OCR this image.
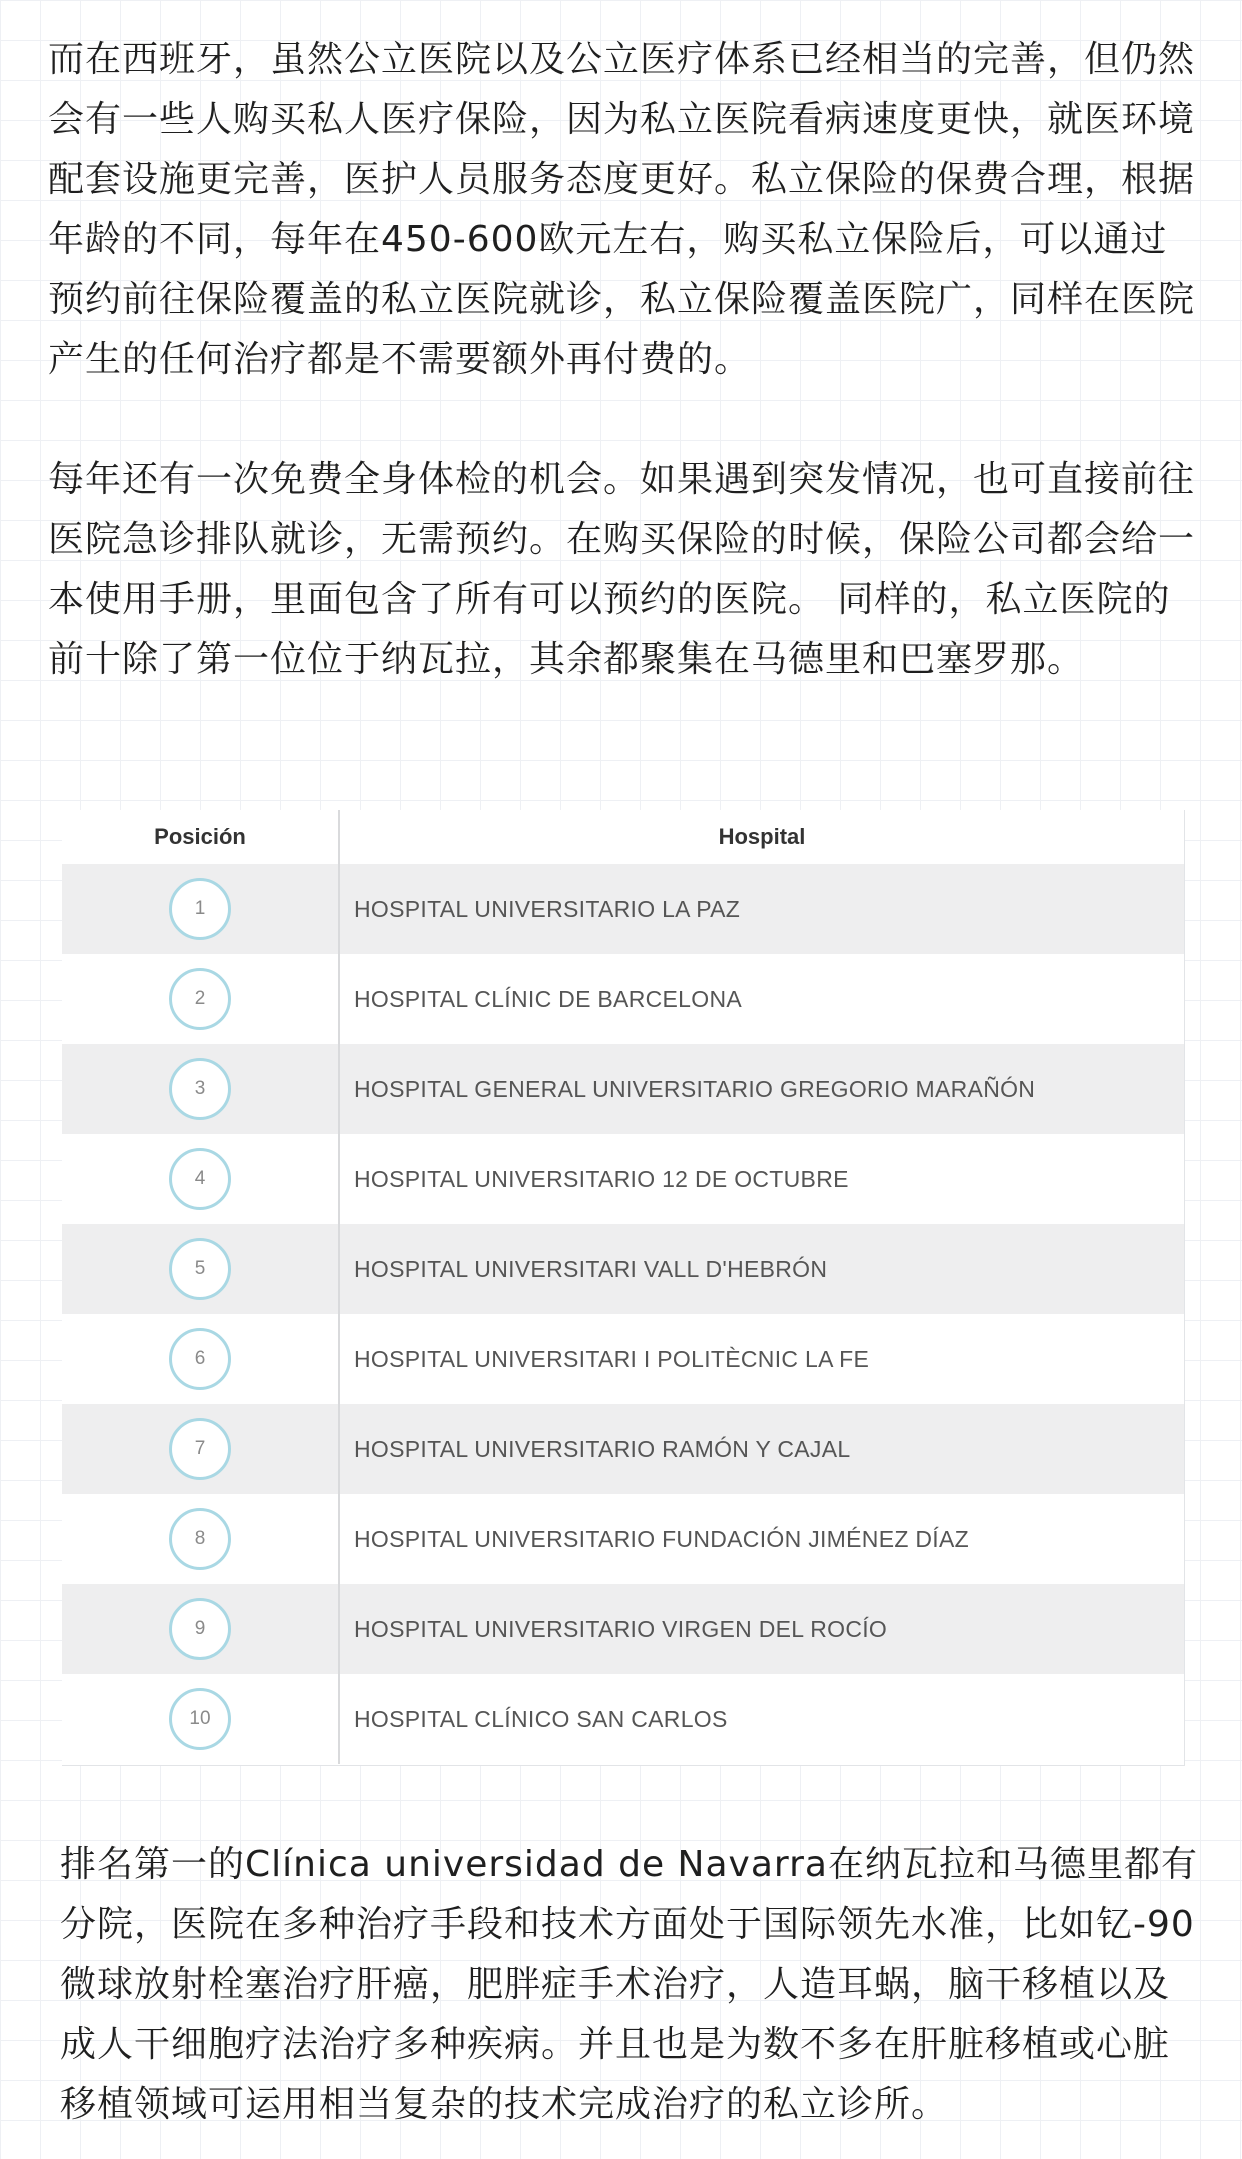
而在西班牙，虽然公立医院以及公立医疗体系已经相当的完善，但仍然会有一些人购买私人医疗保险，因为私立医院看病速度更快，就医环境配套设施更完善，医护人员服务态度更好。私立保险的保费合理，根据年龄的不同，每年在450-600欧元左右，购买私立保险后，可以通过预约前往保险覆盖的私立医院就诊，私立保险覆盖医院广，同样在医院产生的任何治疗都是不需要额外再付费的。

每年还有一次免费全身体检的机会。如果遇到突发情况，也可直接前往医院急诊排队就诊，无需预约。在购买保险的时候，保险公司都会给一本使用手册，里面包含了所有可以预约的医院。 同样的，私立医院的前十除了第一位位于纳瓦拉，其余都聚集在马德里和巴塞罗那。

Posición	Hospital
1	HOSPITAL UNIVERSITARIO LA PAZ
2	HOSPITAL CLÍNIC DE BARCELONA
3	HOSPITAL GENERAL UNIVERSITARIO GREGORIO MARAÑÓN
4	HOSPITAL UNIVERSITARIO 12 DE OCTUBRE
5	HOSPITAL UNIVERSITARI VALL D'HEBRÓN
6	HOSPITAL UNIVERSITARI I POLITÈCNIC LA FE
7	HOSPITAL UNIVERSITARIO RAMÓN Y CAJAL
8	HOSPITAL UNIVERSITARIO FUNDACIÓN JIMÉNEZ DÍAZ
9	HOSPITAL UNIVERSITARIO VIRGEN DEL ROCÍO
10	HOSPITAL CLÍNICO SAN CARLOS

排名第一的Clínica universidad de Navarra在纳瓦拉和马德里都有分院，医院在多种治疗手段和技术方面处于国际领先水准，比如钇-90微球放射栓塞治疗肝癌，肥胖症手术治疗，人造耳蜗，脑干移植以及成人干细胞疗法治疗多种疾病。并且也是为数不多在肝脏移植或心脏移植领域可运用相当复杂的技术完成治疗的私立诊所。
